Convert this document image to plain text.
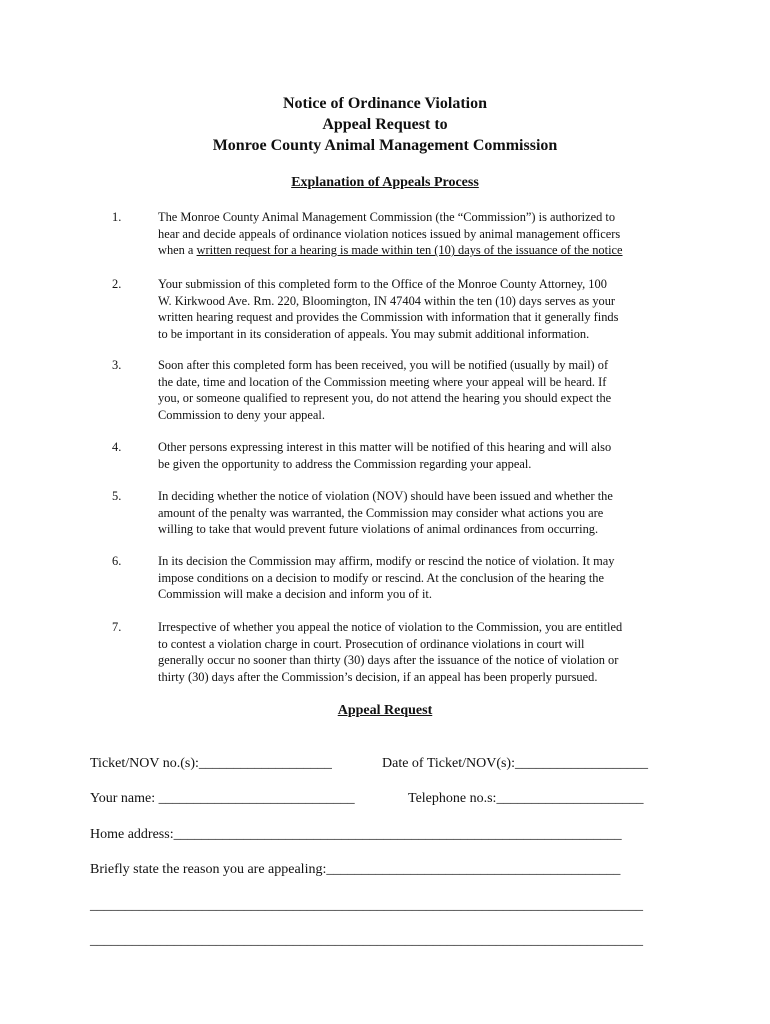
Notice of Ordinance Violation
Appeal Request to
Monroe County Animal Management Commission
Explanation of Appeals Process
1.	The Monroe County Animal Management Commission (the “Commission”) is authorized to
hear and decide appeals of ordinance violation notices issued by animal management officers
when a written request for a hearing is made within ten (10) days of the issuance of the notice
2.	Your submission of this completed form to the Office of the Monroe County Attorney, 100
W. Kirkwood Ave. Rm. 220, Bloomington, IN 47404 within the ten (10) days serves as your
written hearing request and provides the Commission with information that it generally finds
to be important in its consideration of appeals. You may submit additional information.
3.	Soon after this completed form has been received, you will be notified (usually by mail) of
the date, time and location of the Commission meeting where your appeal will be heard. If
you, or someone qualified to represent you, do not attend the hearing you should expect the
Commission to deny your appeal.
4.	Other persons expressing interest in this matter will be notified of this hearing and will also
be given the opportunity to address the Commission regarding your appeal.
5.	In deciding whether the notice of violation (NOV) should have been issued and whether the
amount of the penalty was warranted, the Commission may consider what actions you are
willing to take that would prevent future violations of animal ordinances from occurring.
6.	In its decision the Commission may affirm, modify or rescind the notice of violation. It may
impose conditions on a decision to modify or rescind. At the conclusion of the hearing the
Commission will make a decision and inform you of it.
7.	Irrespective of whether you appeal the notice of violation to the Commission, you are entitled
to contest a violation charge in court. Prosecution of ordinance violations in court will
generally occur no sooner than thirty (30) days after the issuance of the notice of violation or
thirty (30) days after the Commission’s decision, if an appeal has been properly pursued.
Appeal Request
Ticket/NOV no.(s):___________________	Date of Ticket/NOV(s):___________________
Your name: ____________________________	Telephone no.s:_____________________
Home address:________________________________________________________________
Briefly state the reason you are appealing:__________________________________________
_______________________________________________________________________________
_______________________________________________________________________________
